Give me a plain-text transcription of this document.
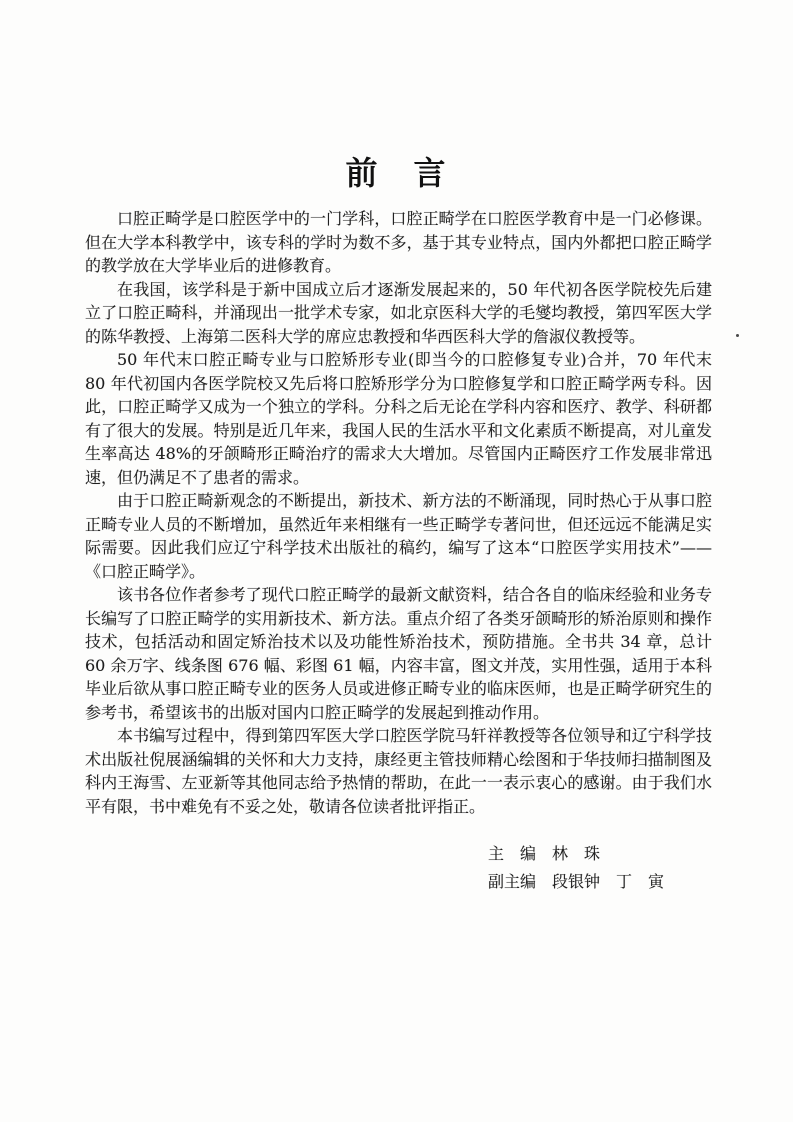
前　言

口腔正畸学是口腔医学中的一门学科，口腔正畸学在口腔医学教育中是一门必修课。但在大学本科教学中，该专科的学时为数不多，基于其专业特点，国内外都把口腔正畸学的教学放在大学毕业后的进修教育。

在我国，该学科是于新中国成立后才逐渐发展起来的，50 年代初各医学院校先后建立了口腔正畸科，并涌现出一批学术专家，如北京医科大学的毛燮均教授，第四军医大学的陈华教授、上海第二医科大学的席应忠教授和华西医科大学的詹淑仪教授等。

50 年代末口腔正畸专业与口腔矫形专业(即当今的口腔修复专业)合并，70 年代末 80 年代初国内各医学院校又先后将口腔矫形学分为口腔修复学和口腔正畸学两专科。因此，口腔正畸学又成为一个独立的学科。分科之后无论在学科内容和医疗、教学、科研都有了很大的发展。特别是近几年来，我国人民的生活水平和文化素质不断提高，对儿童发生率高达 48%的牙颌畸形正畸治疗的需求大大增加。尽管国内正畸医疗工作发展非常迅速，但仍满足不了患者的需求。

由于口腔正畸新观念的不断提出，新技术、新方法的不断涌现，同时热心于从事口腔正畸专业人员的不断增加，虽然近年来相继有一些正畸学专著问世，但还远远不能满足实际需要。因此我们应辽宁科学技术出版社的稿约，编写了这本“口腔医学实用技术”——《口腔正畸学》。

该书各位作者参考了现代口腔正畸学的最新文献资料，结合各自的临床经验和业务专长编写了口腔正畸学的实用新技术、新方法。重点介绍了各类牙颌畸形的矫治原则和操作技术，包括活动和固定矫治技术以及功能性矫治技术，预防措施。全书共 34 章，总计 60 余万字、线条图 676 幅、彩图 61 幅，内容丰富，图文并茂，实用性强，适用于本科毕业后欲从事口腔正畸专业的医务人员或进修正畸专业的临床医师，也是正畸学研究生的参考书，希望该书的出版对国内口腔正畸学的发展起到推动作用。

本书编写过程中，得到第四军医大学口腔医学院马轩祥教授等各位领导和辽宁科学技术出版社倪展涵编辑的关怀和大力支持，康经更主管技师精心绘图和于华技师扫描制图及科内王海雪、左亚新等其他同志给予热情的帮助，在此一一表示衷心的感谢。由于我们水平有限，书中难免有不妥之处，敬请各位读者批评指正。

主　编 林　珠
副主编 段银钟　丁　寅
